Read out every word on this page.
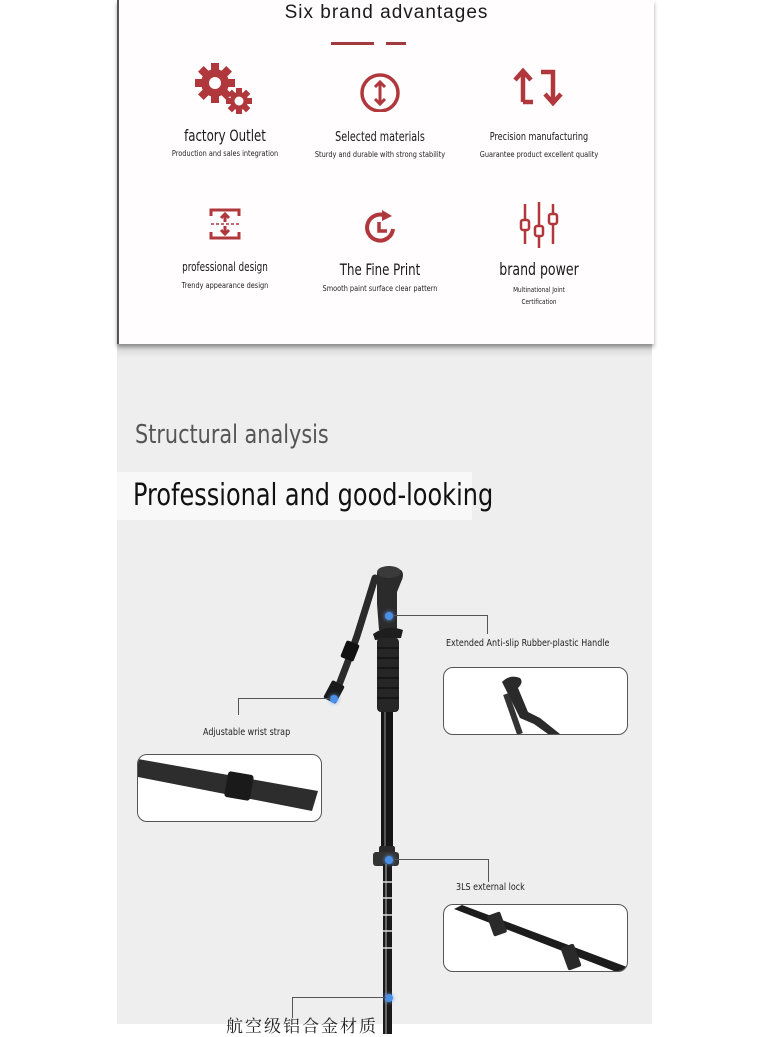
Six brand advantages
factory Outlet
Production and sales integration
Selected materials
Sturdy and durable with strong stability
Precision manufacturing
Guarantee product excellent quality
professional design
Trendy appearance design
The Fine Print
Smooth paint surface clear pattern
brand power
Multinational Joint
Certification
Structural analysis
Professional and good-looking
Extended Anti-slip Rubber-plastic Handle
Adjustable wrist strap
3LS external lock
航空级铝合金材质
